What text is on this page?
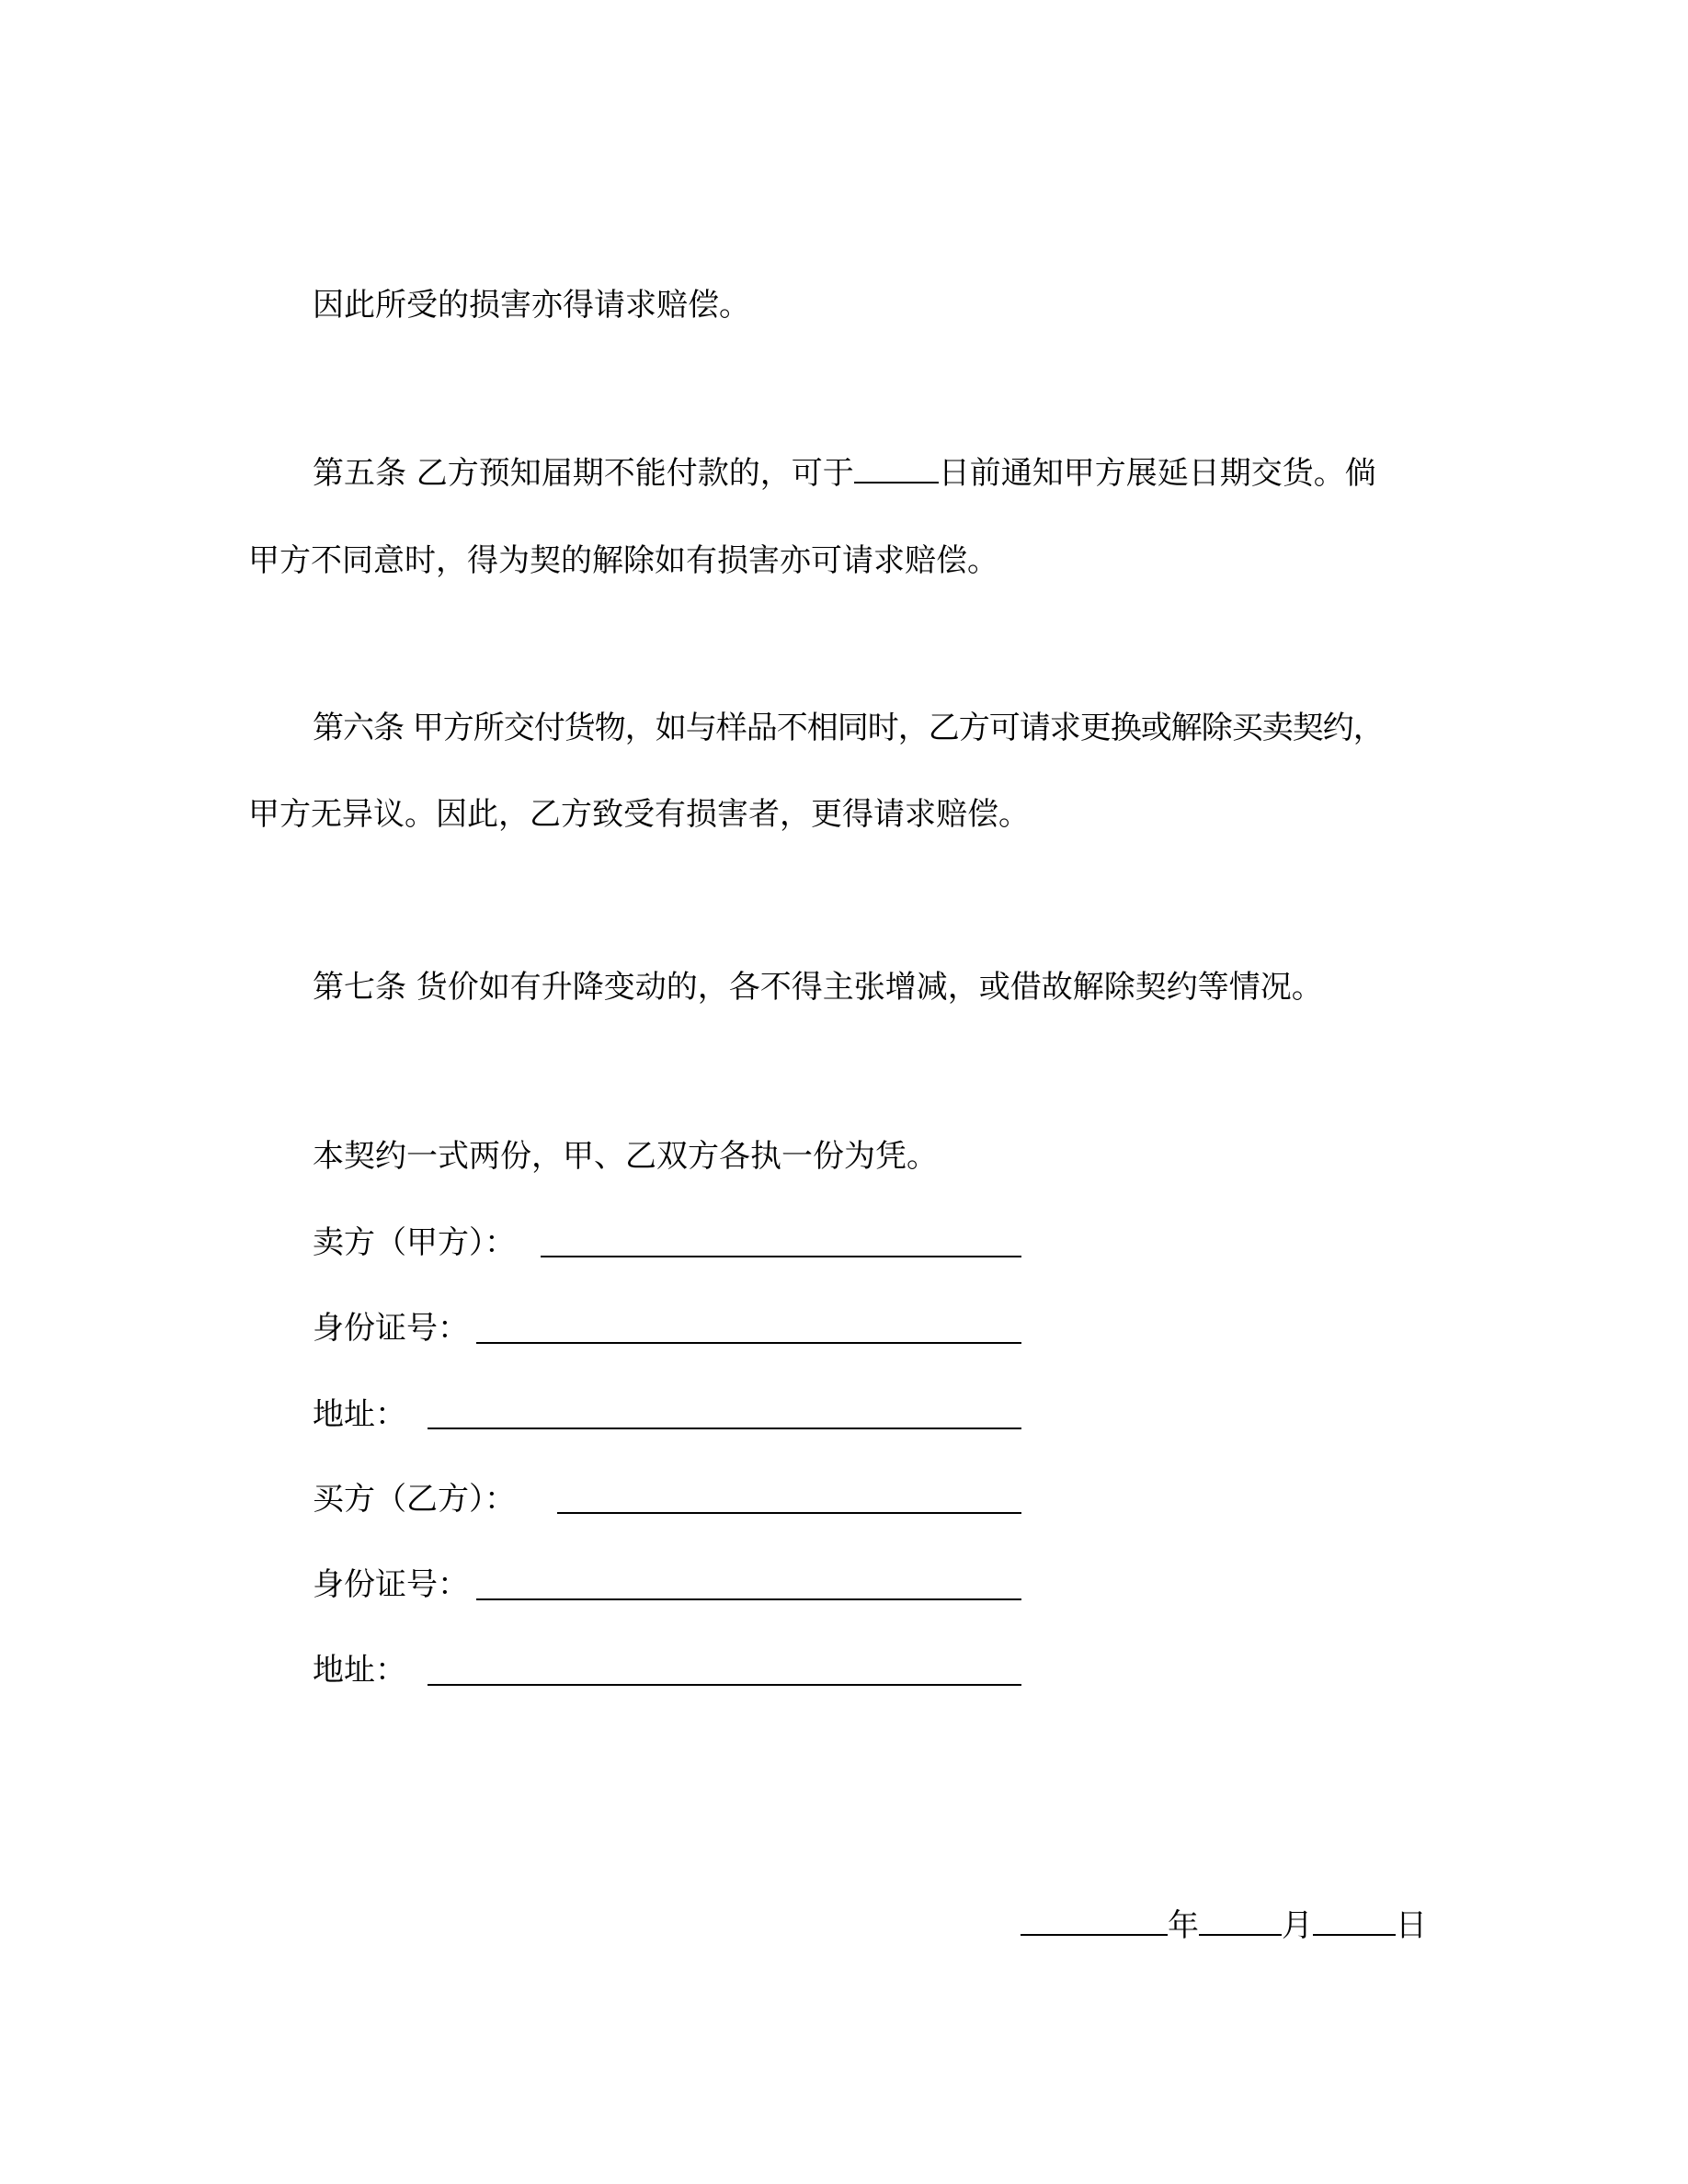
因此所受的损害亦得请求赔偿。
第五条 乙方预知届期不能付款的，可于	日前通知甲方展延日期交货。倘
甲方不同意时，得为契的解除如有损害亦可请求赔偿。
第六条 甲方所交付货物，如与样品不相同时，乙方可请求更换或解除买卖契约，
甲方无异议。因此，乙方致受有损害者，更得请求赔偿。
第七条 货价如有升降变动的，各不得主张增减，或借故解除契约等情况。
本契约一式两份，甲、乙双方各执一份为凭。
卖方（甲方）：
身份证号：
地址：
买方（乙方）：
身份证号：
地址：
年	月	日
